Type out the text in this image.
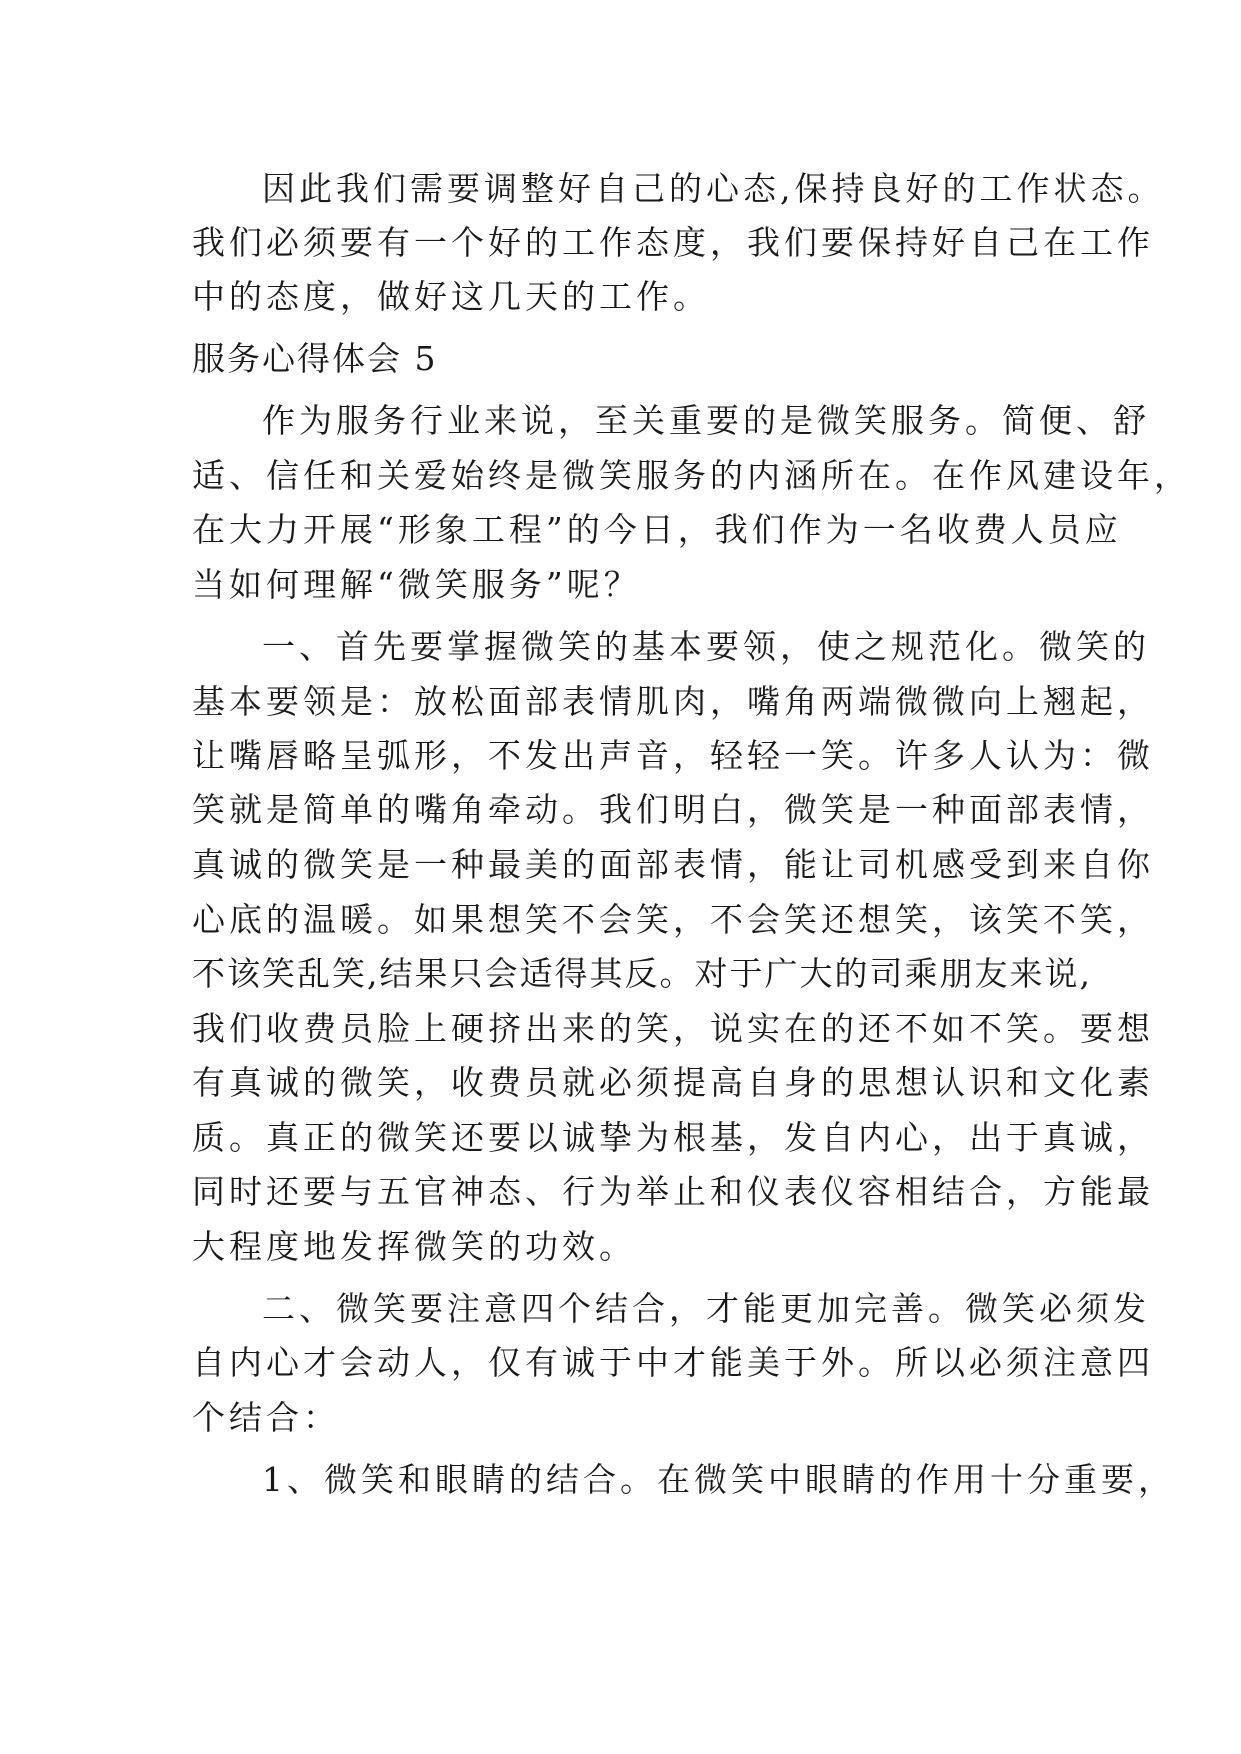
因此我们需要调整好自己的心态,保持良好的工作状态。
我们必须要有一个好的工作态度，我们要保持好自己在工作
中的态度，做好这几天的工作。
服务心得体会 5
作为服务行业来说，至关重要的是微笑服务。简便、舒
适、信任和关爱始终是微笑服务的内涵所在。在作风建设年，
在大力开展“形象工程”的今日，我们作为一名收费人员应
当如何理解“微笑服务”呢？
一、首先要掌握微笑的基本要领，使之规范化。微笑的
基本要领是：放松面部表情肌肉，嘴角两端微微向上翘起，
让嘴唇略呈弧形，不发出声音，轻轻一笑。许多人认为：微
笑就是简单的嘴角牵动。我们明白，微笑是一种面部表情，
真诚的微笑是一种最美的面部表情，能让司机感受到来自你
心底的温暖。如果想笑不会笑，不会笑还想笑，该笑不笑，
不该笑乱笑,结果只会适得其反。对于广大的司乘朋友来说,
我们收费员脸上硬挤出来的笑，说实在的还不如不笑。要想
有真诚的微笑，收费员就必须提高自身的思想认识和文化素
质。真正的微笑还要以诚挚为根基，发自内心，出于真诚，
同时还要与五官神态、行为举止和仪表仪容相结合，方能最
大程度地发挥微笑的功效。
二、微笑要注意四个结合，才能更加完善。微笑必须发
自内心才会动人，仅有诚于中才能美于外。所以必须注意四
个结合：
1、微笑和眼睛的结合。在微笑中眼睛的作用十分重要，
